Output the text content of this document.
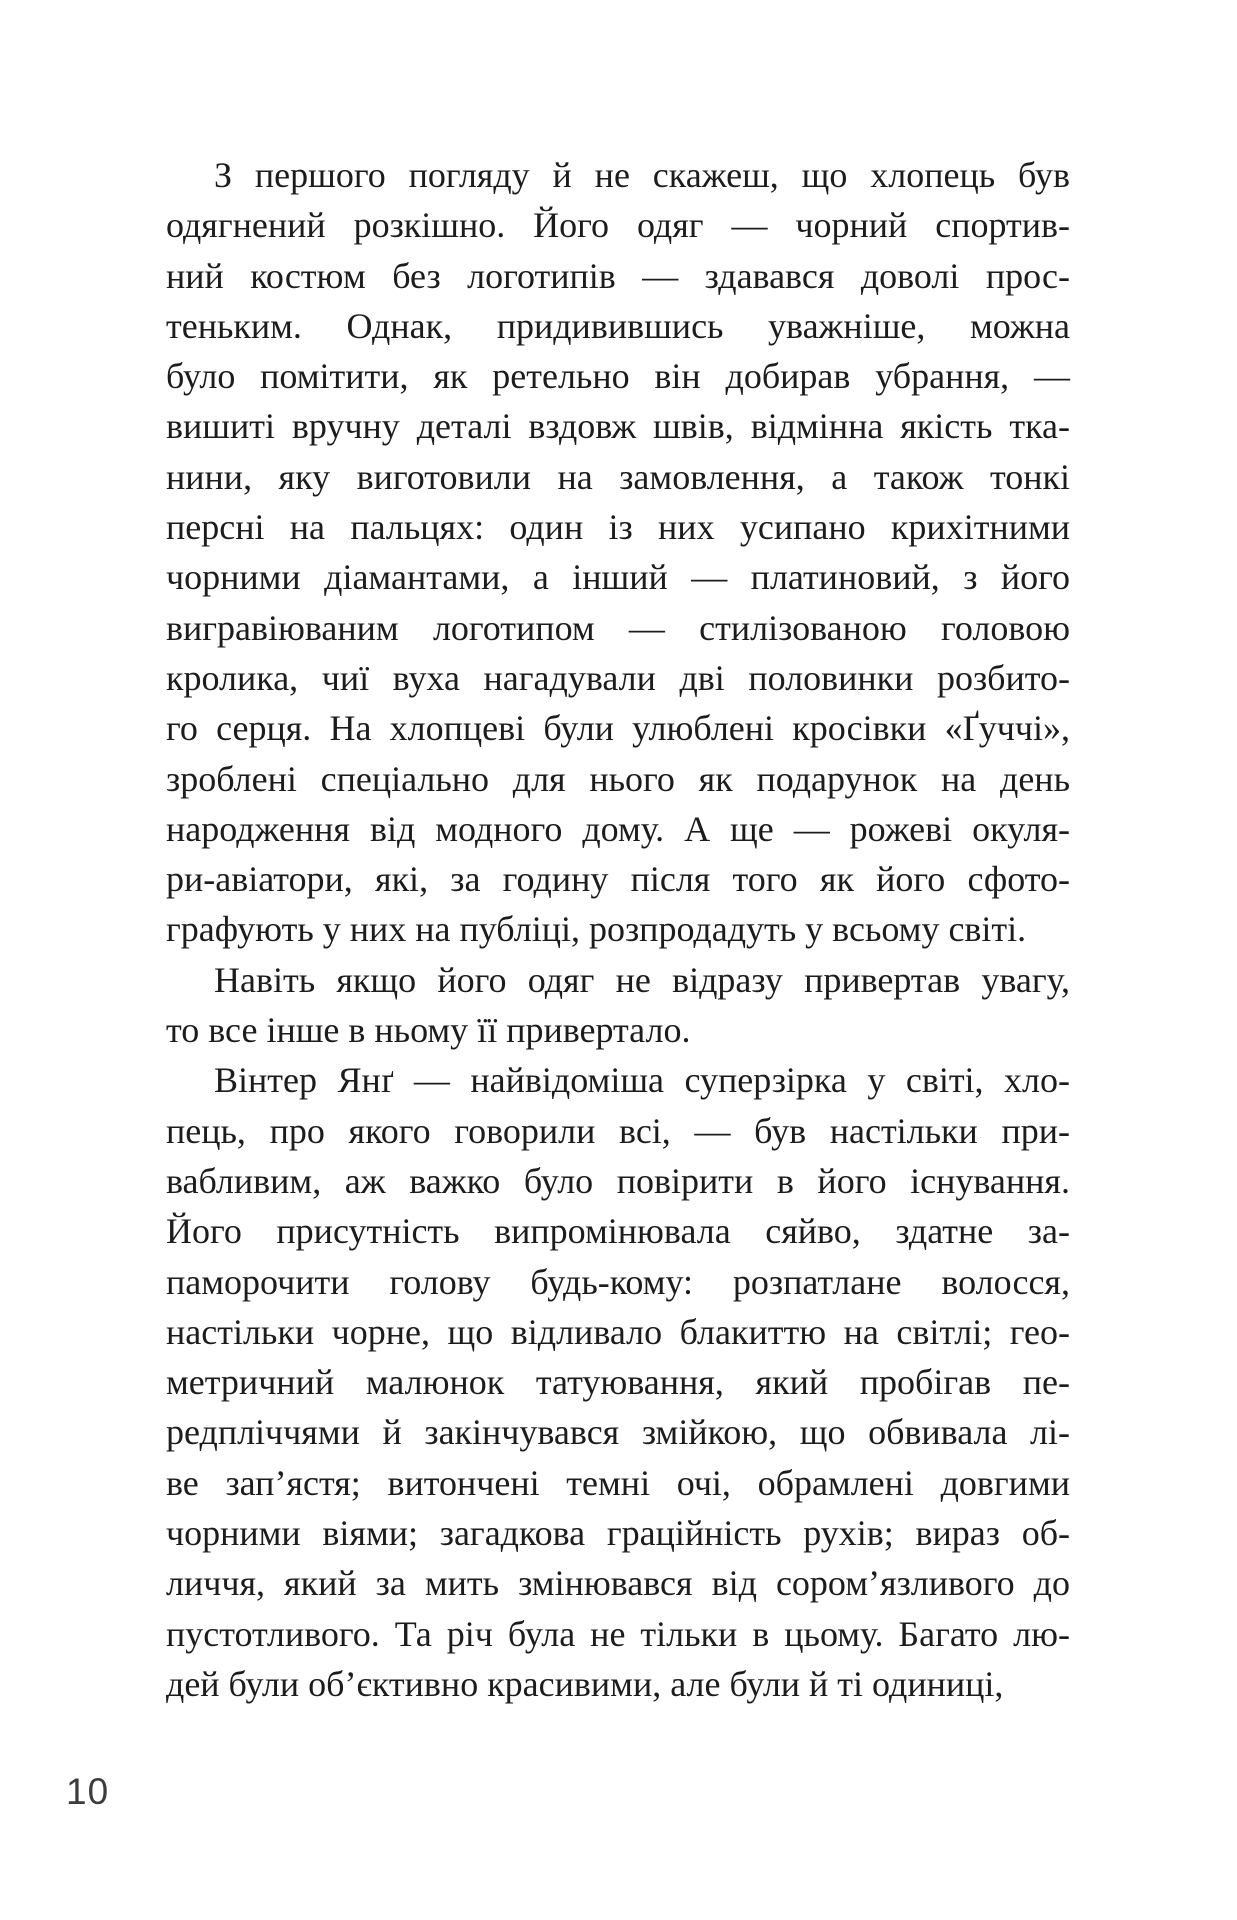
З першого погляду й не скажеш, що хлопець був
одягнений розкішно. Його одяг — чорний спортив-
ний костюм без логотипів — здавався доволі прос-
теньким. Однак, придивившись уважніше, можна
було помітити, як ретельно він добирав убрання, —
вишиті вручну деталі вздовж швів, відмінна якість тка-
нини, яку виготовили на замовлення, а також тонкі
персні на пальцях: один із них усипано крихітними
чорними діамантами, а інший — платиновий, з його
вигравіюваним логотипом — стилізованою головою
кролика, чиї вуха нагадували дві половинки розбито-
го серця. На хлопцеві були улюблені кросівки «Ґуччі»,
зроблені спеціально для нього як подарунок на день
народження від модного дому. А ще — рожеві окуля-
ри-авіатори, які, за годину після того як його сфото-
графують у них на публіці, розпродадуть у всьому світі.
Навіть якщо його одяг не відразу привертав увагу,
то все інше в ньому її привертало.
Вінтер Янґ — найвідоміша суперзірка у світі, хло-
пець, про якого говорили всі, — був настільки при-
вабливим, аж важко було повірити в його існування.
Його присутність випромінювала сяйво, здатне за-
паморочити голову будь-кому: розпатлане волосся,
настільки чорне, що відливало блакиттю на світлі; гео-
метричний малюнок татуювання, який пробігав пе-
редпліччями й закінчувався змійкою, що обвивала лі-
ве зап’ястя; витончені темні очі, обрамлені довгими
чорними віями; загадкова граційність рухів; вираз об-
личчя, який за мить змінювався від сором’язливого до
пустотливого. Та річ була не тільки в цьому. Багато лю-
дей були об’єктивно красивими, але були й ті одиниці,
10
